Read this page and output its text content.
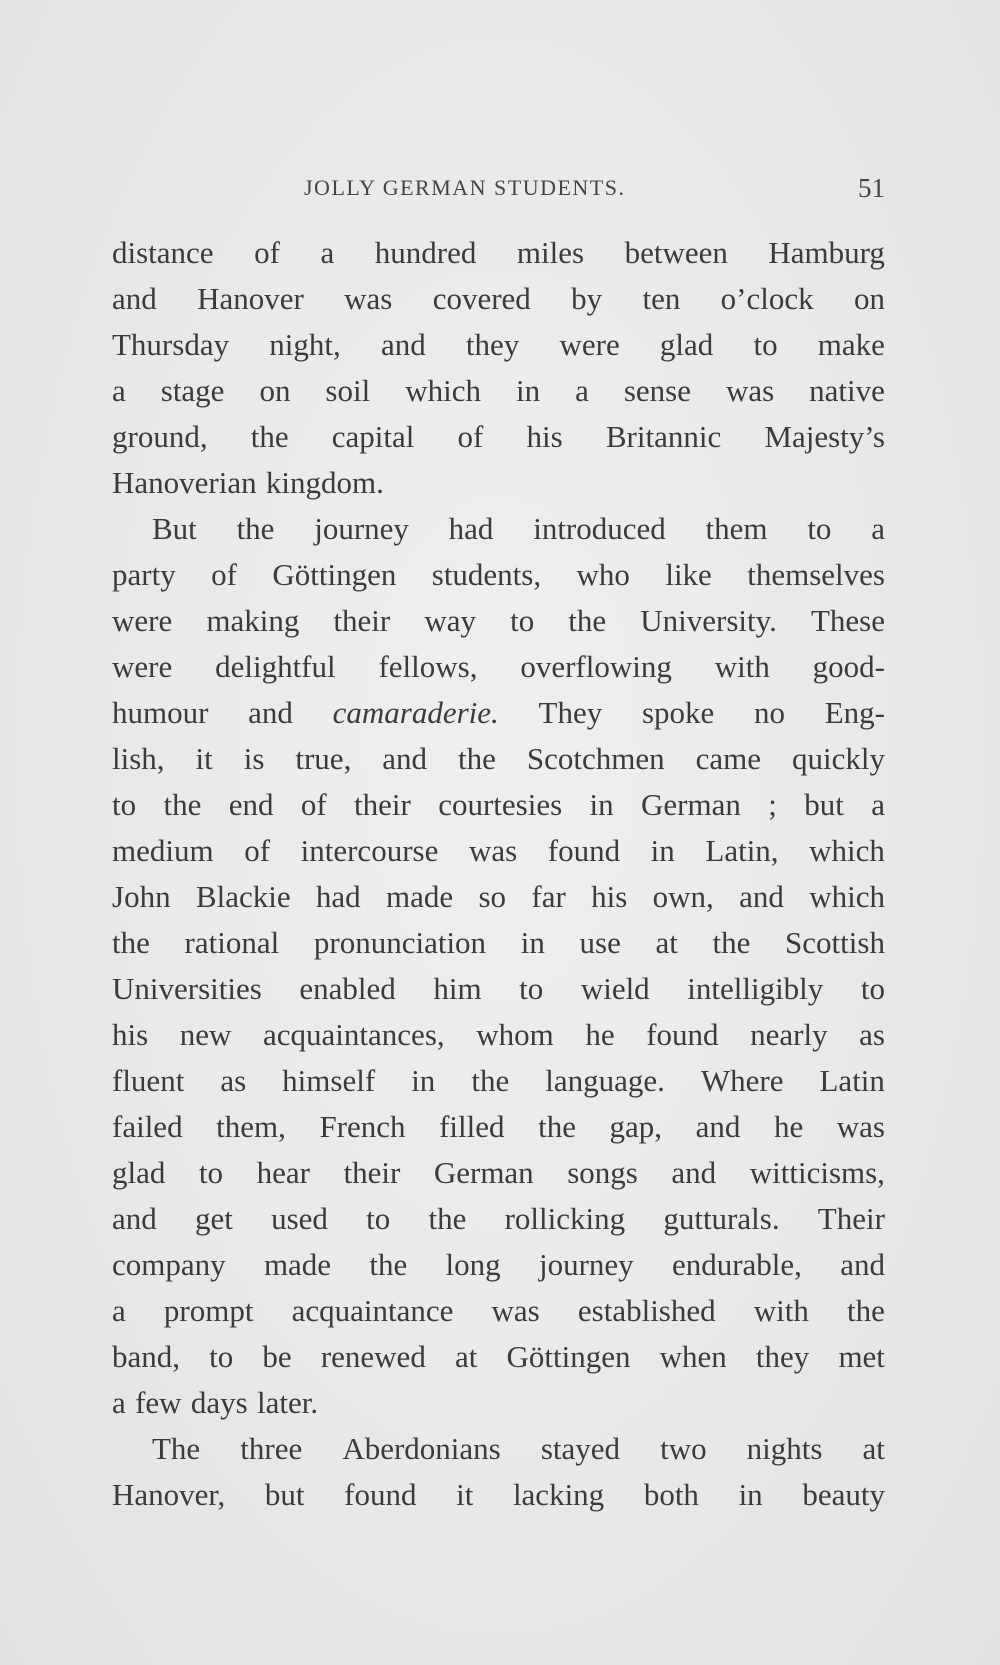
JOLLY GERMAN STUDENTS.	51
distance of a hundred miles between Hamburg
and Hanover was covered by ten o’clock on
Thursday night, and they were glad to make
a stage on soil which in a sense was native
ground, the capital of his Britannic Majesty’s
Hanoverian kingdom.
But the journey had introduced them to a
party of Göttingen students, who like themselves
were making their way to the University. These
were delightful fellows, overflowing with good-
humour and camaraderie. They spoke no Eng-
lish, it is true, and the Scotchmen came quickly
to the end of their courtesies in German ; but a
medium of intercourse was found in Latin, which
John Blackie had made so far his own, and which
the rational pronunciation in use at the Scottish
Universities enabled him to wield intelligibly to
his new acquaintances, whom he found nearly as
fluent as himself in the language. Where Latin
failed them, French filled the gap, and he was
glad to hear their German songs and witticisms,
and get used to the rollicking gutturals. Their
company made the long journey endurable, and
a prompt acquaintance was established with the
band, to be renewed at Göttingen when they met
a few days later.
The three Aberdonians stayed two nights at
Hanover, but found it lacking both in beauty
